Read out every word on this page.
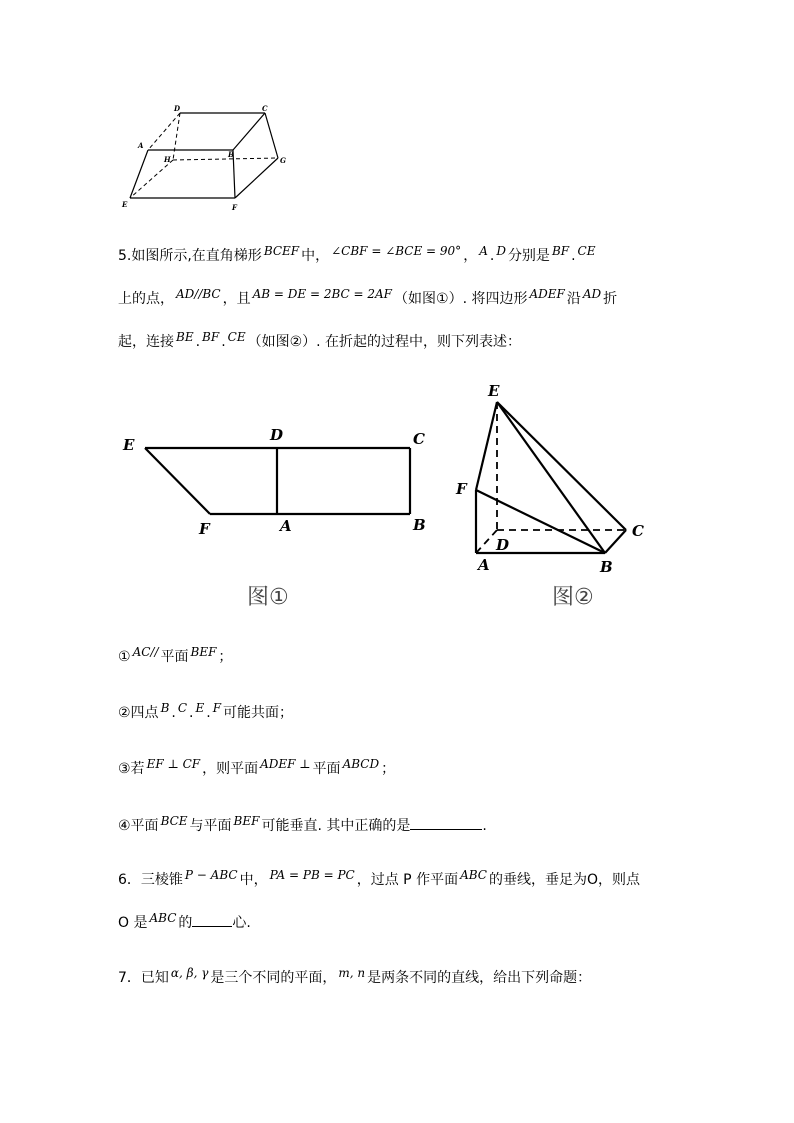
D	C
A
B
H	G
E	F
5.如图所示,在直角梯形 BCEF 中， ∠CBF = ∠BCE = 90° ， A . D 分别是 BF . CE
上的点， AD//BC ，且 AB = DE = 2BC = 2AF （如图①）. 将四边形 ADEF 沿 AD 折
起，连接 BE . BF . CE （如图②）. 在折起的过程中，则下列表述：
E
D	C
F	A	B
图①
E
F
D
C
A	B
图②
① AC// 平面 BEF ；
②四点 B . C . E . F 可能共面；
③若 EF ⊥ CF ，则平面 ADEF ⊥ 平面 ABCD ；
④平面 BCE 与平面 BEF 可能垂直. 其中正确的是	.
6．三棱锥 P − ABC 中， PA = PB = PC ，过点 P 作平面 ABC 的垂线，垂足为O，则点
O 是 ABC 的	心.
7．已知 α, β, γ 是三个不同的平面， m, n 是两条不同的直线，给出下列命题：
